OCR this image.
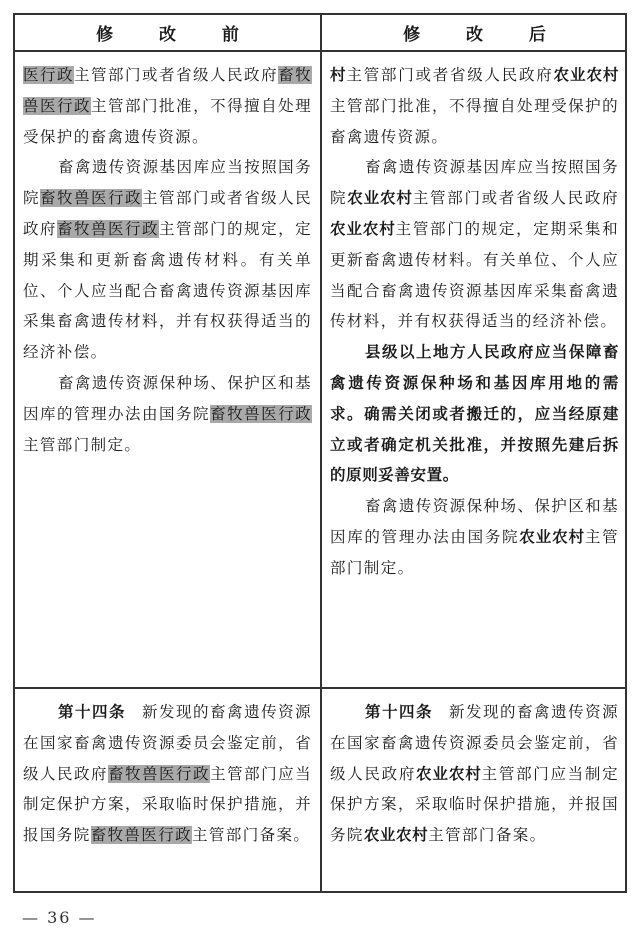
修 改 前	修 改 后

医行政主管部门或者省级人民政府畜牧兽医行政主管部门批准，不得擅自处理受保护的畜禽遗传资源。

畜禽遗传资源基因库应当按照国务院畜牧兽医行政主管部门或者省级人民政府畜牧兽医行政主管部门的规定，定期采集和更新畜禽遗传材料。有关单位、个人应当配合畜禽遗传资源基因库采集畜禽遗传材料，并有权获得适当的经济补偿。

畜禽遗传资源保种场、保护区和基因库的管理办法由国务院畜牧兽医行政主管部门制定。

村主管部门或者省级人民政府农业农村主管部门批准，不得擅自处理受保护的畜禽遗传资源。

畜禽遗传资源基因库应当按照国务院农业农村主管部门或者省级人民政府农业农村主管部门的规定，定期采集和更新畜禽遗传材料。有关单位、个人应当配合畜禽遗传资源基因库采集畜禽遗传材料，并有权获得适当的经济补偿。

县级以上地方人民政府应当保障畜禽遗传资源保种场和基因库用地的需求。确需关闭或者搬迁的，应当经原建立或者确定机关批准，并按照先建后拆的原则妥善安置。

畜禽遗传资源保种场、保护区和基因库的管理办法由国务院农业农村主管部门制定。

第十四条 新发现的畜禽遗传资源在国家畜禽遗传资源委员会鉴定前，省级人民政府畜牧兽医行政主管部门应当制定保护方案，采取临时保护措施，并报国务院畜牧兽医行政主管部门备案。

第十四条 新发现的畜禽遗传资源在国家畜禽遗传资源委员会鉴定前，省级人民政府农业农村主管部门应当制定保护方案，采取临时保护措施，并报国务院农业农村主管部门备案。

— 36 —
